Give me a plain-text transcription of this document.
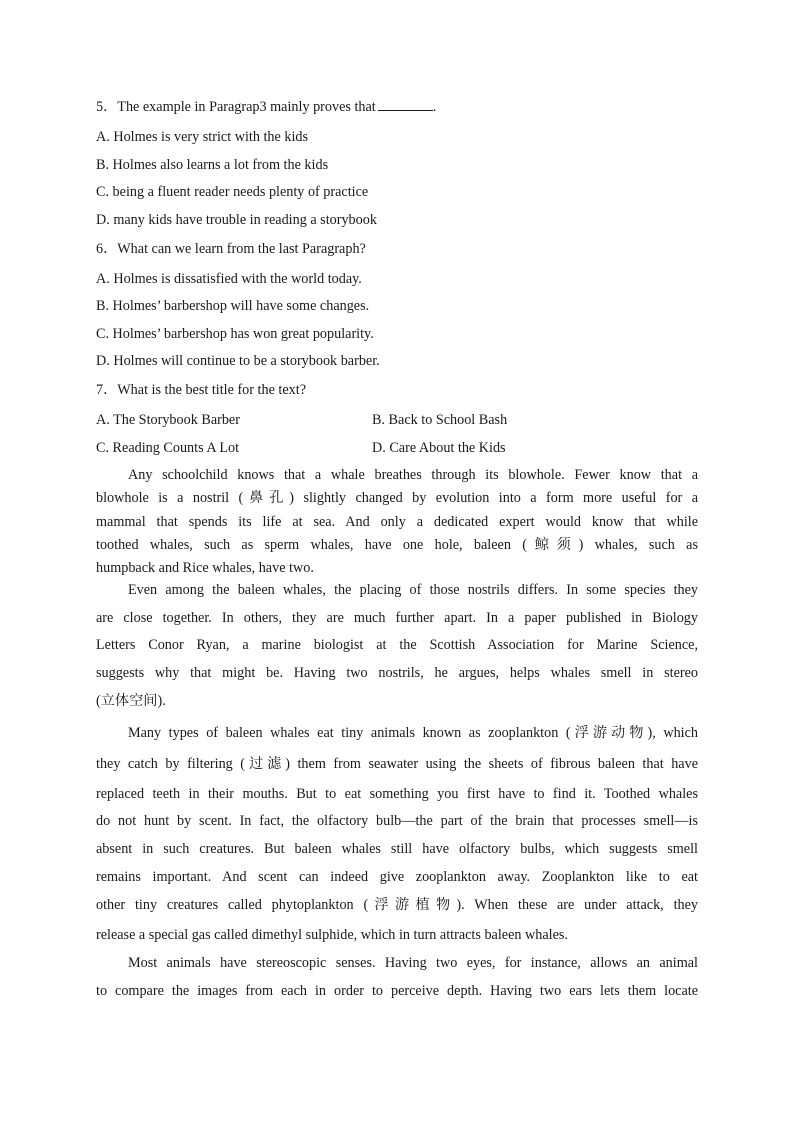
5．The example in Paragrap3 mainly proves that	.
A. Holmes is very strict with the kids
B. Holmes also learns a lot from the kids
C. being a fluent reader needs plenty of practice
D. many kids have trouble in reading a storybook
6．What can we learn from the last Paragraph?
A. Holmes is dissatisfied with the world today.
B. Holmes’ barbershop will have some changes.
C. Holmes’ barbershop has won great popularity.
D. Holmes will continue to be a storybook barber.
7．What is the best title for the text?
A. The Storybook Barber	B. Back to School Bash
C. Reading Counts A Lot	D. Care About the Kids
Any schoolchild knows that a whale breathes through its blowhole. Fewer know that a
blowhole is a nostril (鼻孔) slightly changed by evolution into a form more useful for a
mammal that spends its life at sea. And only a dedicated expert would know that while
toothed whales, such as sperm whales, have one hole, baleen (鲸须) whales, such as
humpback and Rice whales, have two.
Even among the baleen whales, the placing of those nostrils differs. In some species they
are close together. In others, they are much further apart. In a paper published in Biology
Letters Conor Ryan, a marine biologist at the Scottish Association for Marine Science,
suggests why that might be. Having two nostrils, he argues, helps whales smell in stereo
(立体空间).
Many types of baleen whales eat tiny animals known as zooplankton (浮游动物), which
they catch by filtering (过滤) them from seawater using the sheets of fibrous baleen that have
replaced teeth in their mouths. But to eat something you first have to find it. Toothed whales
do not hunt by scent. In fact, the olfactory bulb—the part of the brain that processes smell—is
absent in such creatures. But baleen whales still have olfactory bulbs, which suggests smell
remains important. And scent can indeed give zooplankton away. Zooplankton like to eat
other tiny creatures called phytoplankton (浮游植物). When these are under attack, they
release a special gas called dimethyl sulphide, which in turn attracts baleen whales.
Most animals have stereoscopic senses. Having two eyes, for instance, allows an animal
to compare the images from each in order to perceive depth. Having two ears lets them locate
